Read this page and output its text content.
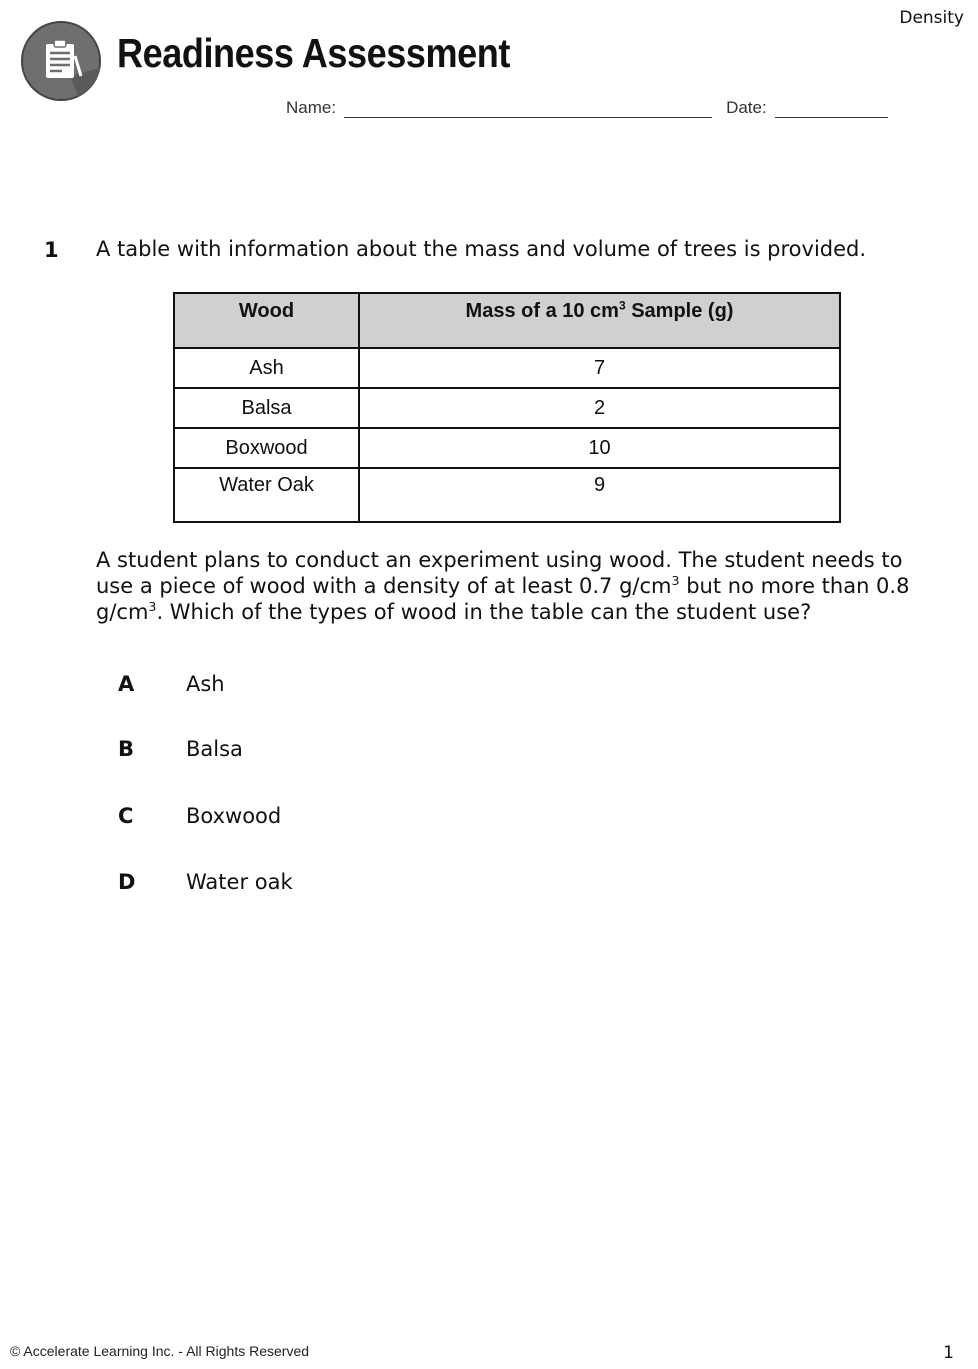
Density
Readiness Assessment
Name:	Date:
1 A table with information about the mass and volume of trees is provided.
Wood	Mass of a 10 $cm^3$ Sample (g)
Ash	7
Balsa	2
Boxwood	10
Water Oak	9
A student plans to conduct an experiment using wood. The student needs to use a piece of wood with a density of at least 0.7 $g/cm^3$ but no more than 0.8 $g/cm^3$. Which of the types of wood in the table can the student use?
A	Ash
B	Balsa
C	Boxwood
D	Water oak
© Accelerate Learning Inc. - All Rights Reserved	1
